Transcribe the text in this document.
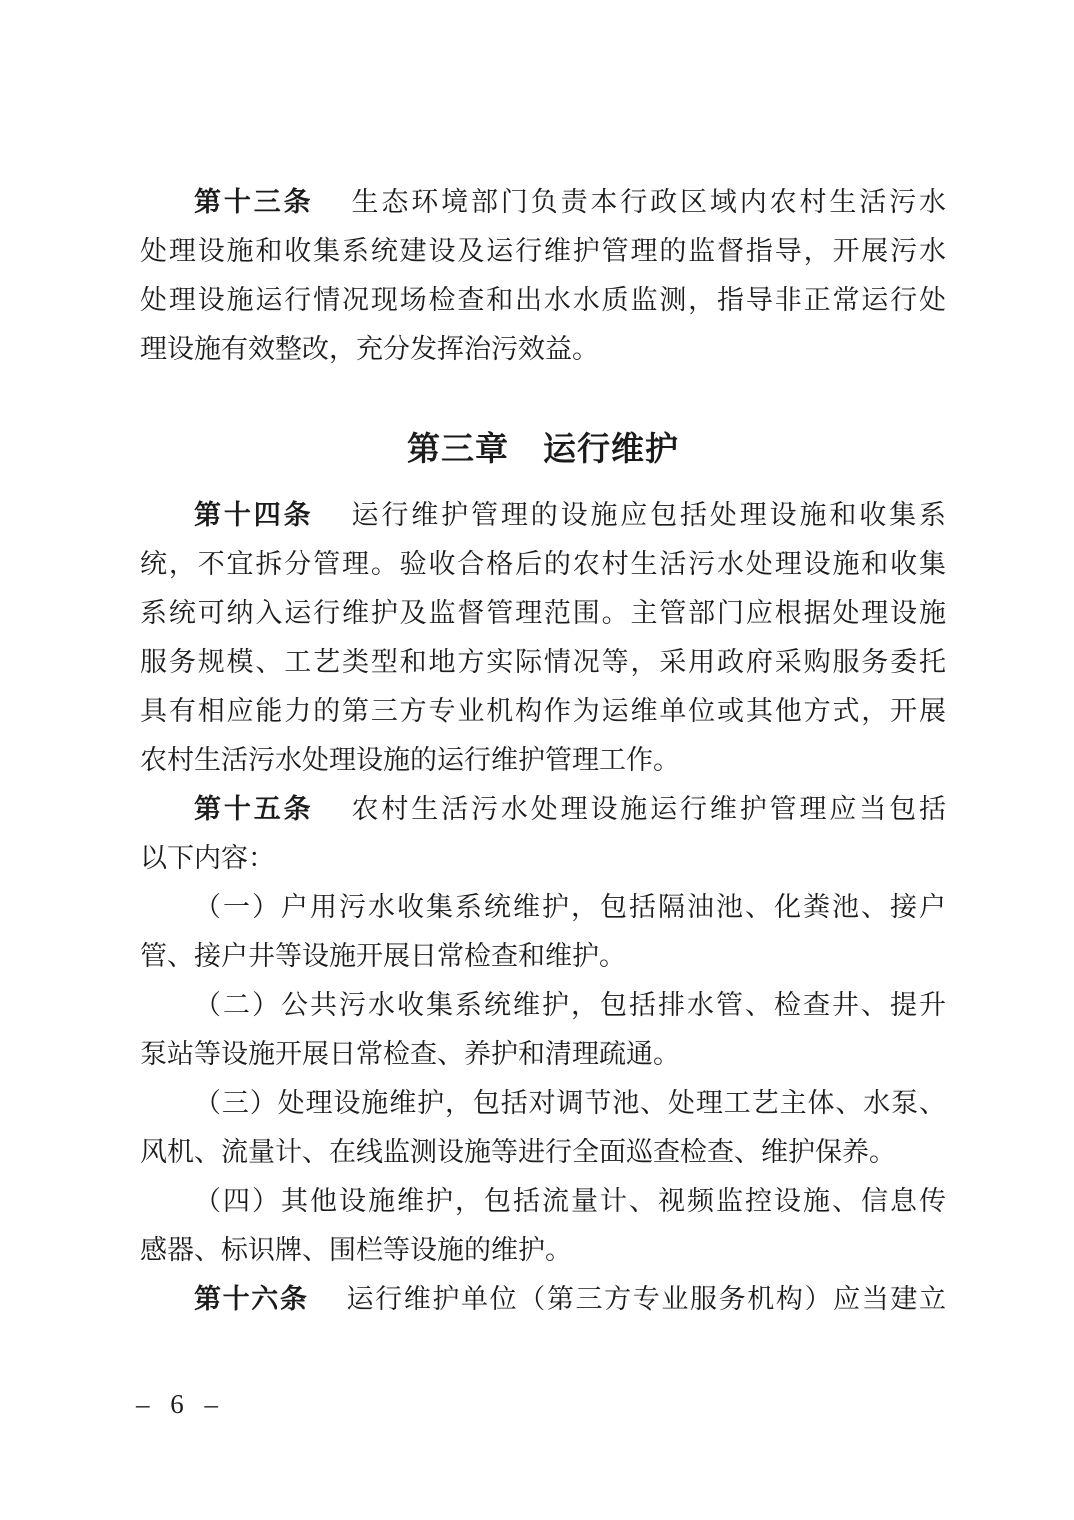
第十三条 生态环境部门负责本行政区域内农村生活污水
处理设施和收集系统建设及运行维护管理的监督指导，开展污水
处理设施运行情况现场检查和出水水质监测，指导非正常运行处
理设施有效整改，充分发挥治污效益。
第三章　运行维护
第十四条 运行维护管理的设施应包括处理设施和收集系
统，不宜拆分管理。验收合格后的农村生活污水处理设施和收集
系统可纳入运行维护及监督管理范围。主管部门应根据处理设施
服务规模、工艺类型和地方实际情况等，采用政府采购服务委托
具有相应能力的第三方专业机构作为运维单位或其他方式，开展
农村生活污水处理设施的运行维护管理工作。
第十五条 农村生活污水处理设施运行维护管理应当包括
以下内容：
（一）户用污水收集系统维护，包括隔油池、化粪池、接户
管、接户井等设施开展日常检查和维护。
（二）公共污水收集系统维护，包括排水管、检查井、提升
泵站等设施开展日常检查、养护和清理疏通。
（三）处理设施维护，包括对调节池、处理工艺主体、水泵、
风机、流量计、在线监测设施等进行全面巡查检查、维护保养。
（四）其他设施维护，包括流量计、视频监控设施、信息传
感器、标识牌、围栏等设施的维护。
第十六条 运行维护单位（第三方专业服务机构）应当建立
– 6 –
